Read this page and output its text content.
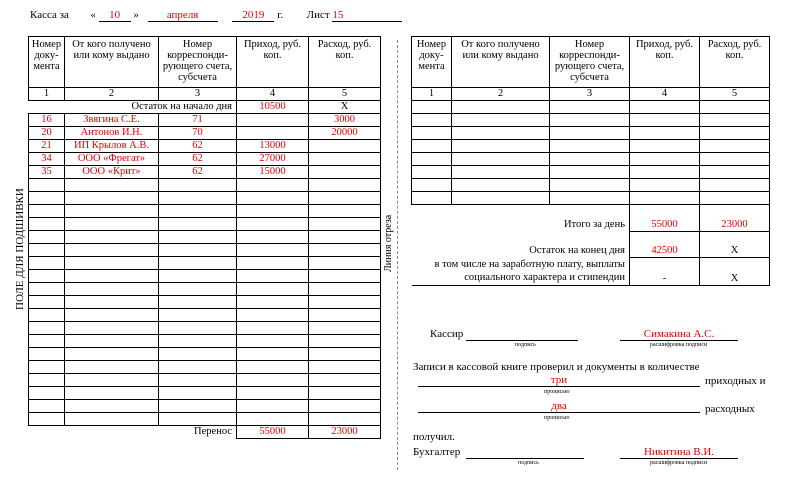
Касса за « 10 »	апреля	2019 г. Лист 15
ПОЛЕ ДЛЯ ПОДШИВКИ
Номер доку-мента	От кого получено или кому выдано	Номер корреспонди-рующего счета, субсчета	Приход, руб. коп.	Расход, руб. коп.
1	2	3	4	5
Остаток на начало дня			10500	Х
16	Звягина С.Е.	71		3000
20	Антонов И.Н.	70		20000
21	ИП Крылов А.В.	62	13000	
34	ООО «Фрегат»	62	27000	
35	ООО «Крит»	62	15000	

Перенос			55000	23000
Линия отреза
Номер доку-мента	От кого получено или кому выдано	Номер корреспонди-рующего счета, субсчета	Приход, руб. коп.	Расход, руб. коп.
1	2	3	4	5

Итого за день			55000	23000
Остаток на конец дня			42500	Х

в том числе на заработную плату, выплаты
социального характера и стипендии			-	Х
Кассир
подпись
Симакина А.С.
расшифровка подписи
Записи в кассовой книге проверил и документы в количестве
три	приходных и
прописью
два	расходных
прописью
получил.
Бухгалтер
подпись
Никитина В.И.
расшифровка подписи
